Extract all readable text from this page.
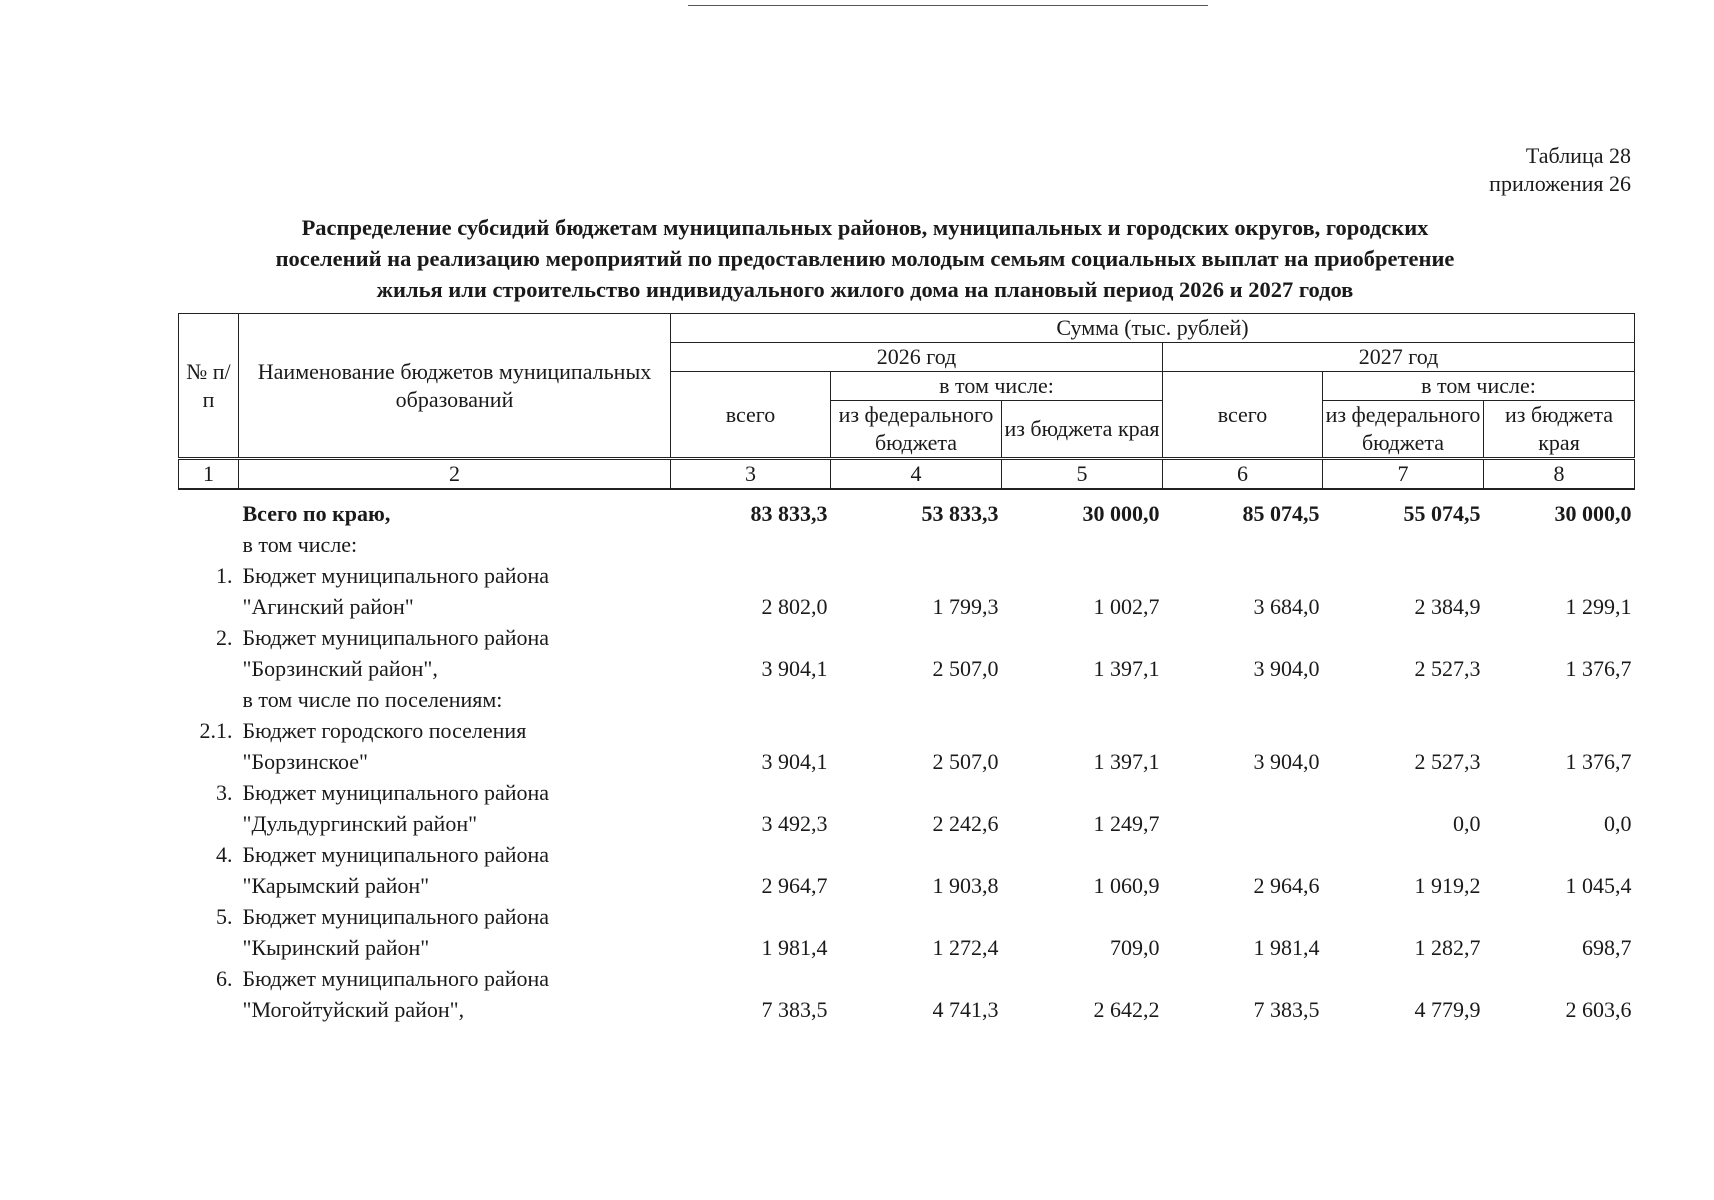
Таблица 28
приложения 26
Распределение субсидий бюджетам муниципальных районов, муниципальных и городских округов, городских
поселений на реализацию мероприятий по предоставлению молодым семьям социальных выплат на приобретение
жилья или строительство индивидуального жилого дома на плановый период 2026 и 2027 годов
№ п/п	Наименование бюджетов муниципальных образований	Сумма (тыс. рублей)					
		2026 год			2027 год		
		всего	в том числе:		всего	в том числе:	
			из федерального бюджета	из бюджета края		из федерального бюджета	из бюджета края
1	2	3	4	5	6	7	8

	Всего по краю,	83 833,3	53 833,3	30 000,0	85 074,5	55 074,5	30 000,0
	в том числе:						

1.	Бюджет муниципального района
"Агинский район"	2 802,0	1 799,3	1 002,7	3 684,0	2 384,9	1 299,1

2.	Бюджет муниципального района
"Борзинский район",	3 904,1	2 507,0	1 397,1	3 904,0	2 527,3	1 376,7
	в том числе по поселениям:						

2.1.	Бюджет городского поселения
"Борзинское"	3 904,1	2 507,0	1 397,1	3 904,0	2 527,3	1 376,7

3.	Бюджет муниципального района
"Дульдургинский район"	3 492,3	2 242,6	1 249,7		0,0	0,0

4.	Бюджет муниципального района
"Карымский район"	2 964,7	1 903,8	1 060,9	2 964,6	1 919,2	1 045,4

5.	Бюджет муниципального района
"Кыринский район"	1 981,4	1 272,4	709,0	1 981,4	1 282,7	698,7

6.	Бюджет муниципального района
"Могойтуйский район",	7 383,5	4 741,3	2 642,2	7 383,5	4 779,9	2 603,6
